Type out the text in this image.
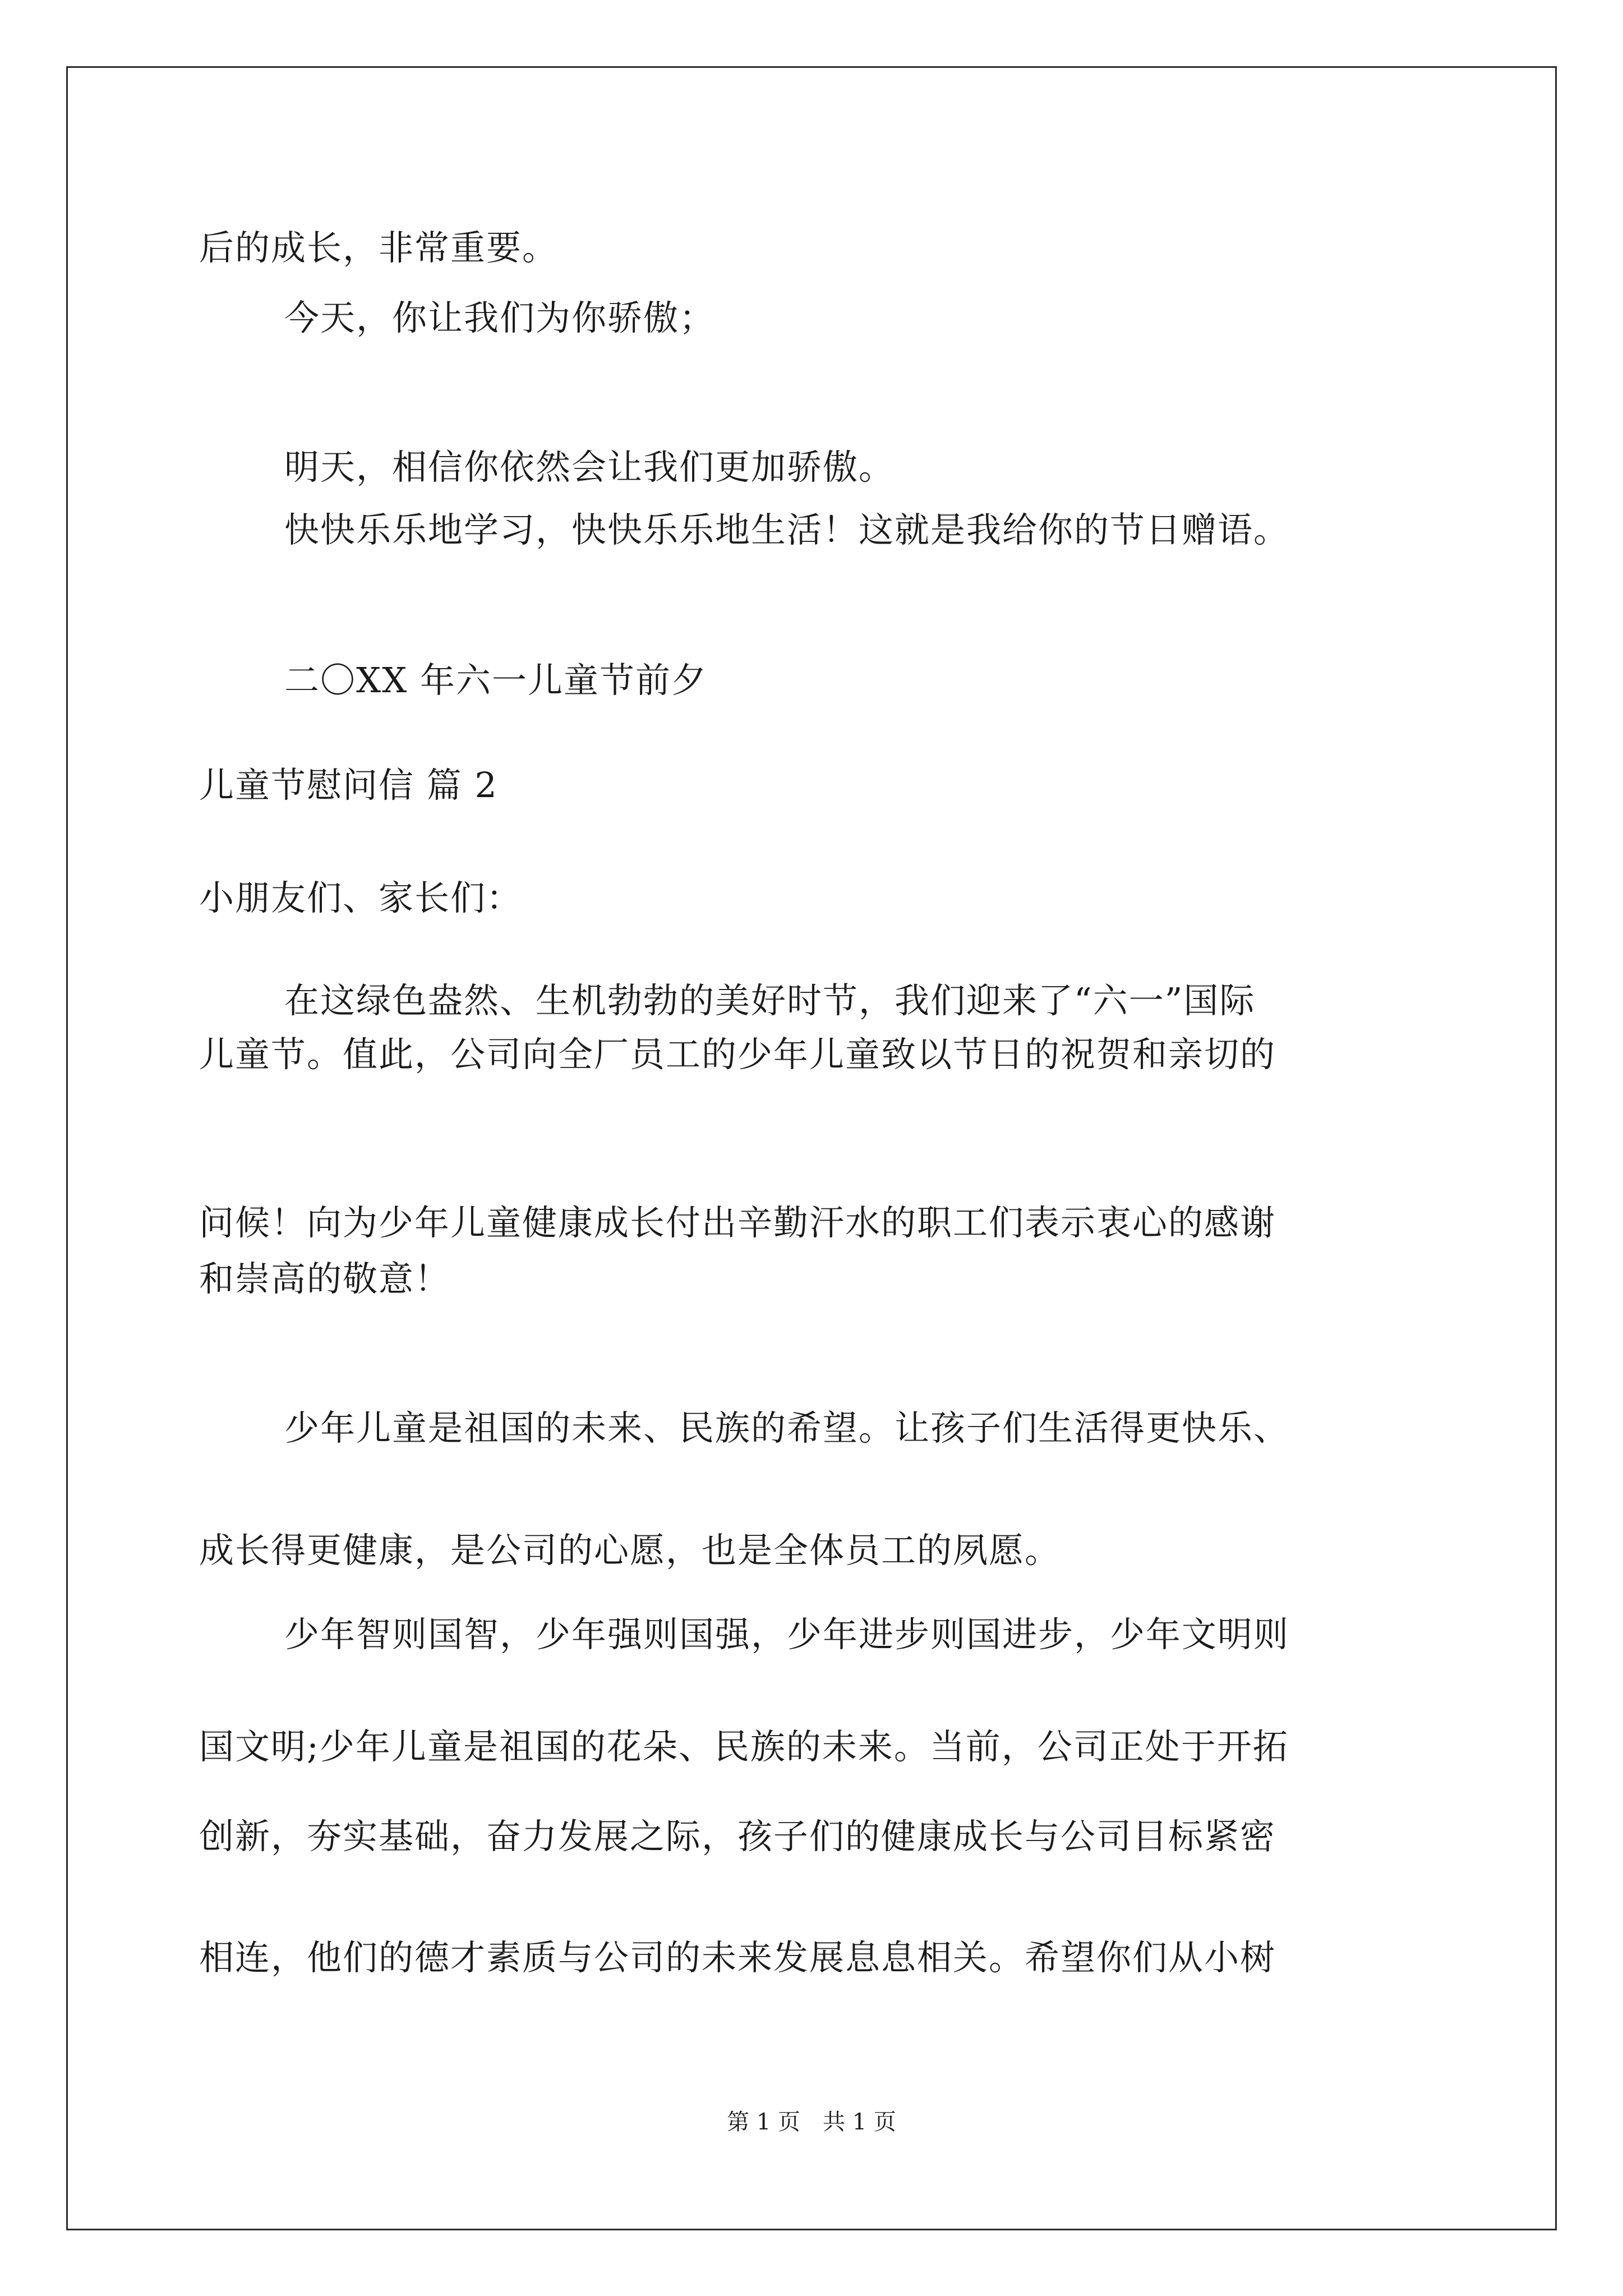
后的成长，非常重要。
今天，你让我们为你骄傲；
明天，相信你依然会让我们更加骄傲。
快快乐乐地学习，快快乐乐地生活！这就是我给你的节日赠语。
二〇XX 年六一儿童节前夕
儿童节慰问信 篇 2
小朋友们、家长们：
在这绿色盎然、生机勃勃的美好时节，我们迎来了“六一”国际
儿童节。值此，公司向全厂员工的少年儿童致以节日的祝贺和亲切的
问候！向为少年儿童健康成长付出辛勤汗水的职工们表示衷心的感谢
和崇高的敬意！
少年儿童是祖国的未来、民族的希望。让孩子们生活得更快乐、
成长得更健康，是公司的心愿，也是全体员工的夙愿。
少年智则国智，少年强则国强，少年进步则国进步，少年文明则
国文明;少年儿童是祖国的花朵、民族的未来。当前，公司正处于开拓
创新，夯实基础，奋力发展之际，孩子们的健康成长与公司目标紧密
相连，他们的德才素质与公司的未来发展息息相关。希望你们从小树
第 1 页 共 1 页
